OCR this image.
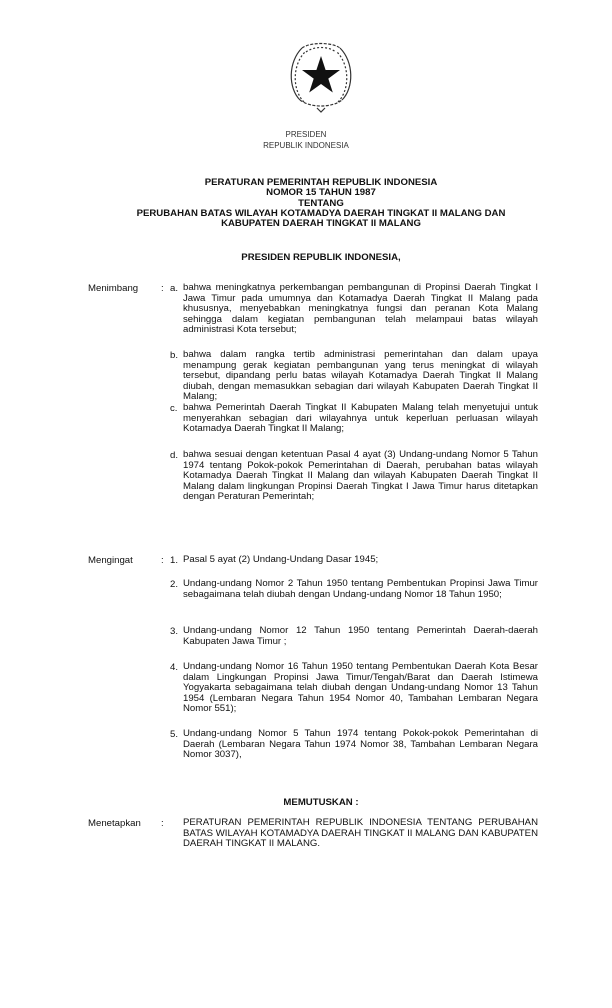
PRESIDEN
REPUBLIK INDONESIA
PERATURAN PEMERINTAH REPUBLIK INDONESIA
NOMOR 15 TAHUN 1987
TENTANG
PERUBAHAN BATAS WILAYAH KOTAMADYA DAERAH TINGKAT II MALANG DAN
KABUPATEN DAERAH TINGKAT II MALANG
PRESIDEN REPUBLIK INDONESIA,
Menimbang : a. bahwa meningkatnya perkembangan pembangunan di Propinsi Daerah Tingkat I Jawa Timur pada umumnya dan Kotamadya Daerah Tingkat II Malang pada khususnya, menyebabkan meningkatnya fungsi dan peranan Kota Malang sehingga dalam kegiatan pembangunan telah melampaui batas wilayah administrasi Kota tersebut;
b. bahwa dalam rangka tertib administrasi pemerintahan dan dalam upaya menampung gerak kegiatan pembangunan yang terus meningkat di wilayah tersebut, dipandang perlu batas wilayah Kotamadya Daerah Tingkat II Malang diubah, dengan memasukkan sebagian dari wilayah Kabupaten Daerah Tingkat II Malang;
c. bahwa Pemerintah Daerah Tingkat II Kabupaten Malang telah menyetujui untuk menyerahkan sebagian dari wilayahnya untuk keperluan perluasan wilayah Kotamadya Daerah Tingkat II Malang;
d. bahwa sesuai dengan ketentuan Pasal 4 ayat (3) Undang-undang Nomor 5 Tahun 1974 tentang Pokok-pokok Pemerintahan di Daerah, perubahan batas wilayah Kotamadya Daerah Tingkat II Malang dan wilayah Kabupaten Daerah Tingkat II Malang dalam lingkungan Propinsi Daerah Tingkat I Jawa Timur harus ditetapkan dengan Peraturan Pemerintah;
Mengingat	: 1. Pasal 5 ayat (2) Undang-Undang Dasar 1945;
2. Undang-undang Nomor 2 Tahun 1950 tentang Pembentukan Propinsi Jawa Timur sebagaimana telah diubah dengan Undang-undang Nomor 18 Tahun 1950;
3. Undang-undang Nomor 12 Tahun 1950 tentang Pemerintah Daerah-daerah Kabupaten Jawa Timur ;
4. Undang-undang Nomor 16 Tahun 1950 tentang Pembentukan Daerah Kota Besar dalam Lingkungan Propinsi Jawa Timur/Tengah/Barat dan Daerah Istimewa Yogyakarta sebagaimana telah diubah dengan Undang-undang Nomor 13 Tahun 1954 (Lembaran Negara Tahun 1954 Nomor 40, Tambahan Lembaran Negara Nomor 551);
5. Undang-undang Nomor 5 Tahun 1974 tentang Pokok-pokok Pemerintahan di Daerah (Lembaran Negara Tahun 1974 Nomor 38, Tambahan Lembaran Negara Nomor 3037),
MEMUTUSKAN :
Menetapkan : PERATURAN PEMERINTAH REPUBLIK INDONESIA TENTANG PERUBAHAN BATAS WILAYAH KOTAMADYA DAERAH TINGKAT II MALANG DAN KABUPATEN DAERAH TINGKAT II MALANG.
